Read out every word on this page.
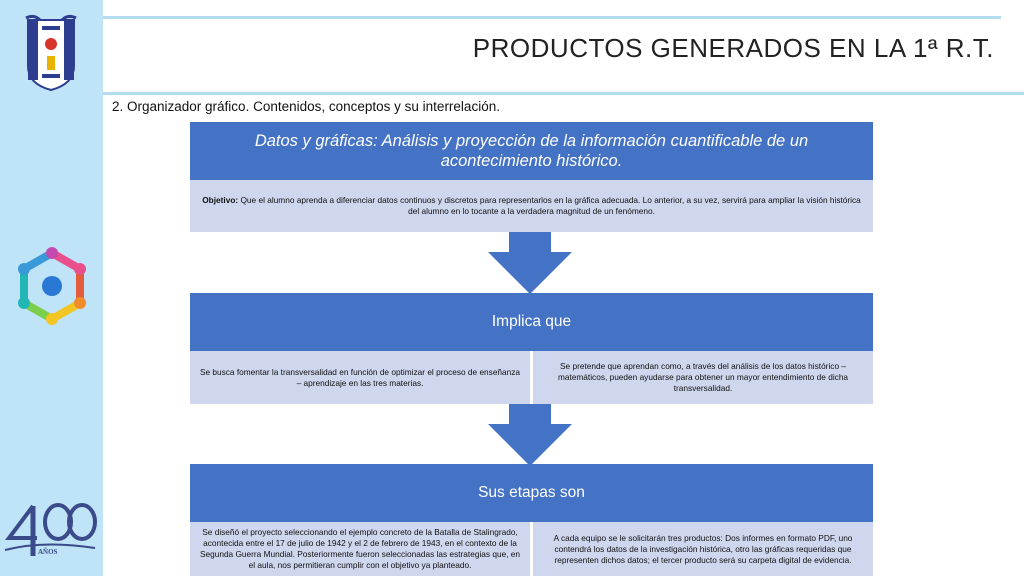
AÑOS
PRODUCTOS GENERADOS EN LA 1ª R.T.
2. Organizador gráfico. Contenidos, conceptos y su interrelación.
Datos y gráficas: Análisis y proyección de la información cuantificable de un acontecimiento histórico.
Objetivo: Que el alumno aprenda a diferenciar datos continuos y discretos para representarlos en la gráfica adecuada. Lo anterior, a su vez, servirá para ampliar la visión histórica del alumno en lo tocante a la verdadera magnitud de un fenómeno.
Implica que
Se busca fomentar la transversalidad en función de optimizar el proceso de enseñanza – aprendizaje en las tres materias.
Se pretende que aprendan como, a través del análisis de los datos histórico – matemáticos, pueden ayudarse para obtener un mayor entendimiento de dicha transversalidad.
Sus etapas son
Se diseñó el proyecto seleccionando el ejemplo concreto de la Batalla de Stalingrado, acontecida entre el 17 de julio de 1942 y el 2 de febrero de 1943, en el contexto de la Segunda Guerra Mundial. Posteriormente fueron seleccionadas las estrategias que, en el aula, nos permitieran cumplir con el objetivo ya planteado.
A cada equipo se le solicitarán tres productos: Dos informes en formato PDF, uno contendrá los datos de la investigación histórica, otro las gráficas requeridas que representen dichos datos; el tercer producto será su carpeta digital de evidencia.
